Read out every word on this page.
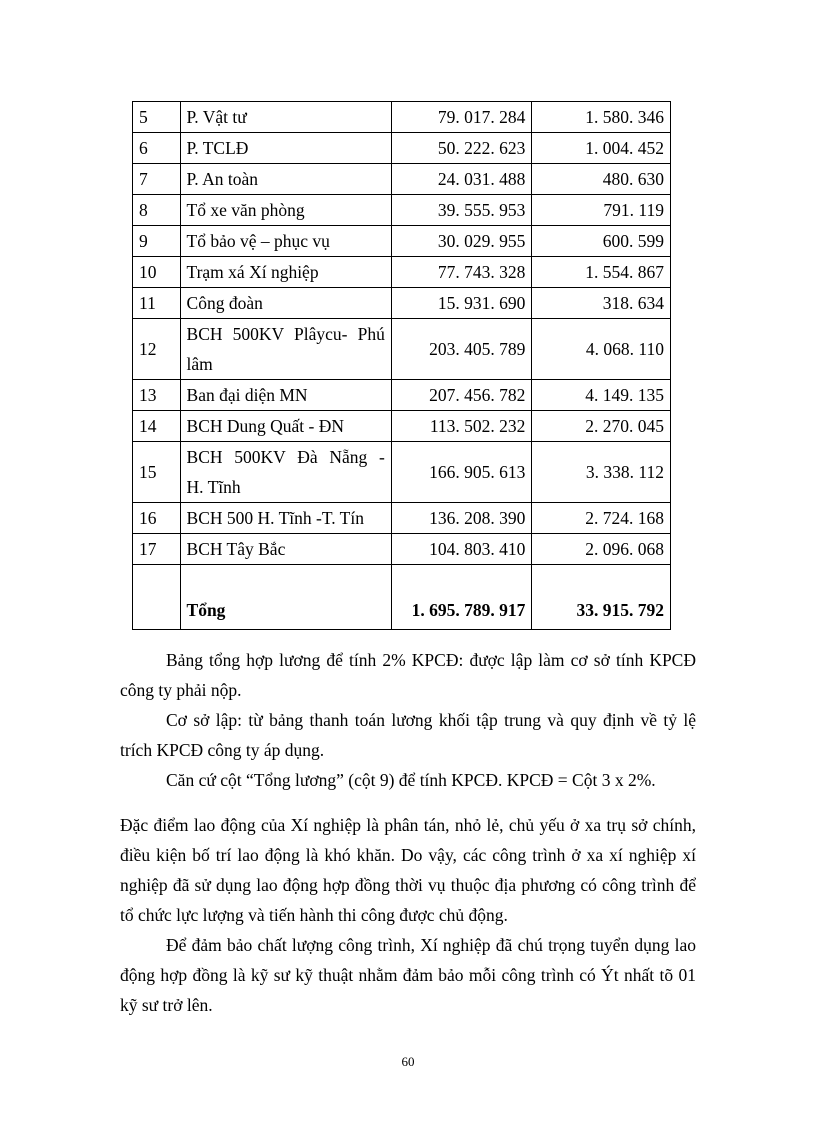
5	P. Vật tư	79. 017. 284	1. 580. 346
6	P. TCLĐ	50. 222. 623	1. 004. 452
7	P. An toàn	24. 031. 488	480. 630
8	Tổ xe văn phòng	39. 555. 953	791. 119
9	Tổ bảo vệ – phục vụ	30. 029. 955	600. 599
10	Trạm xá Xí nghiệp	77. 743. 328	1. 554. 867
11	Công đoàn	15. 931. 690	318. 634
12	BCH 500KV Plâycu- Phú
lâm	203. 405. 789	4. 068. 110
13	Ban đại diện MN	207. 456. 782	4. 149. 135
14	BCH Dung Quất - ĐN	113. 502. 232	2. 270. 045
15	BCH 500KV Đà Nẵng -
H. Tĩnh	166. 905. 613	3. 338. 112
16	BCH 500 H. Tĩnh -T. Tín	136. 208. 390	2. 724. 168
17	BCH Tây Bắc	104. 803. 410	2. 096. 068
	Tổng	1. 695. 789. 917	33. 915. 792

Bảng tổng hợp lương để tính 2% KPCĐ: được lập làm cơ sở tính KPCĐ công ty phải nộp.

Cơ sở lập: từ bảng thanh toán lương khối tập trung và quy định về tỷ lệ trích KPCĐ công ty áp dụng.

Căn cứ cột “Tổng lương” (cột 9) để tính KPCĐ. KPCĐ = Cột 3 x 2%.

Đặc điểm lao động của Xí nghiệp là phân tán, nhỏ lẻ, chủ yếu ở xa trụ sở chính, điều kiện bố trí lao động là khó khăn. Do vậy, các công trình ở xa xí nghiệp xí nghiệp đã sử dụng lao động hợp đồng thời vụ thuộc địa phương có công trình để tổ chức lực lượng và tiến hành thi công được chủ động.

Để đảm bảo chất lượng công trình, Xí nghiệp đã chú trọng tuyển dụng lao động hợp đồng là kỹ sư kỹ thuật nhằm đảm bảo mỗi công trình có Ýt nhất tõ 01 kỹ sư trở lên.

60
